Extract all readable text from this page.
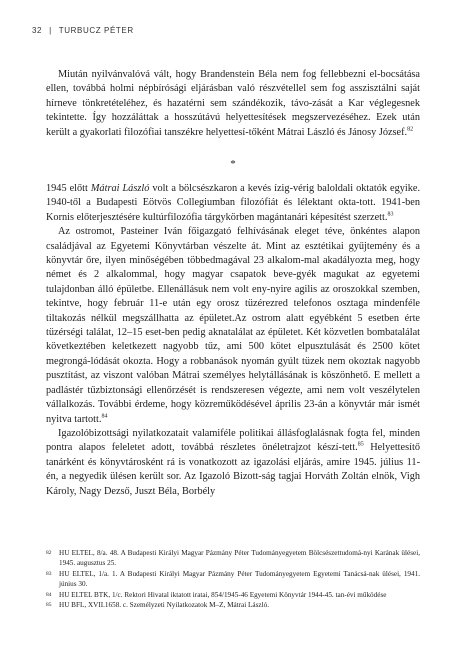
32 | TURBUCZ PÉTER

Miután nyilvánvalóvá vált, hogy Brandenstein Béla nem fog fellebbezni el-bocsátása ellen, továbbá holmi népbírósági eljárásban való részvétellel sem fog asszisztálni saját hírneve tönkretételéhez, és hazatérni sem szándékozik, távo-zását a Kar véglegesnek tekintette. Így hozzáláttak a hosszútávú helyettesítések megszervezéséhez. Ezek után került a gyakorlati filozófiai tanszékre helyettesí-tőként Mátrai László és Jánosy József.$^{82}$

*

1945 előtt Mátrai László volt a bölcsészkaron a kevés ízig-vérig baloldali oktatók egyike. 1940-től a Budapesti Eötvös Collegiumban filozófiát és lélektant okta-tott. 1941-ben Kornis előterjesztésére kultúrfilozófia tárgykörben magántanári képesítést szerzett.$^{83}$

Az ostromot, Pasteiner Iván főigazgató felhívásának eleget téve, önkéntes alapon családjával az Egyetemi Könyvtárban vészelte át. Mint az esztétikai gyűjtemény és a könyvtár őre, ilyen minőségében többedmagával 23 alkalom-mal akadályozta meg, hogy német és 2 alkalommal, hogy magyar csapatok beve-gyék magukat az egyetemi tulajdonban álló épületbe. Ellenállásuk nem volt eny-nyire agilis az oroszokkal szemben, tekintve, hogy február 11-e után egy orosz tüzérezred telefonos osztaga mindenféle tiltakozás nélkül megszállhatta az épületet.Az ostrom alatt egyébként 5 esetben érte tüzérségi találat, 12–15 eset-ben pedig aknatalálat az épületet. Két közvetlen bombatalálat következtében keletkezett nagyobb tűz, ami 500 kötet elpusztulását és 2500 kötet megrongá-lódását okozta. Hogy a robbanások nyomán gyúlt tüzek nem okoztak nagyobb pusztítást, az viszont valóban Mátrai személyes helytállásának is köszönhető. E mellett a padlástér tűzbiztonsági ellenőrzését is rendszeresen végezte, ami nem volt veszélytelen vállalkozás. További érdeme, hogy közreműködésével április 23-án a könyvtár már ismét nyitva tartott.$^{84}$

Igazolóbizottsági nyilatkozatait valamiféle politikai állásfoglalásnak fogta fel, minden pontra alapos feleletet adott, továbbá részletes önéletrajzot készí-tett.$^{85}$ Helyettesítő tanárként és könyvtárosként rá is vonatkozott az igazolási eljárás, amire 1945. július 11-én, a negyedik ülésen került sor. Az Igazoló Bizott-ság tagjai Horváth Zoltán elnök, Vigh Károly, Nagy Dezső, Juszt Béla, Borbély

82 HU ELTEL, 8/a. 48. A Budapesti Királyi Magyar Pázmány Péter Tudományegyetem Bölcsészettudomá-nyi Karának ülései, 1945. augusztus 25.
83 HU ELTEL, 1/a. 1. A Budapesti Királyi Magyar Pázmány Péter Tudományegyetem Egyetemi Tanácsá-nak ülései, 1941. június 30.
84 HU ELTEL BTK, 1/c. Rektori Hivatal iktatott iratai, 854/1945-46 Egyetemi Könyvtár 1944-45. tan-évi működése
85 HU BFL, XVII.1658. c. Személyzeti Nyilatkozatok M–Z, Mátrai László.
